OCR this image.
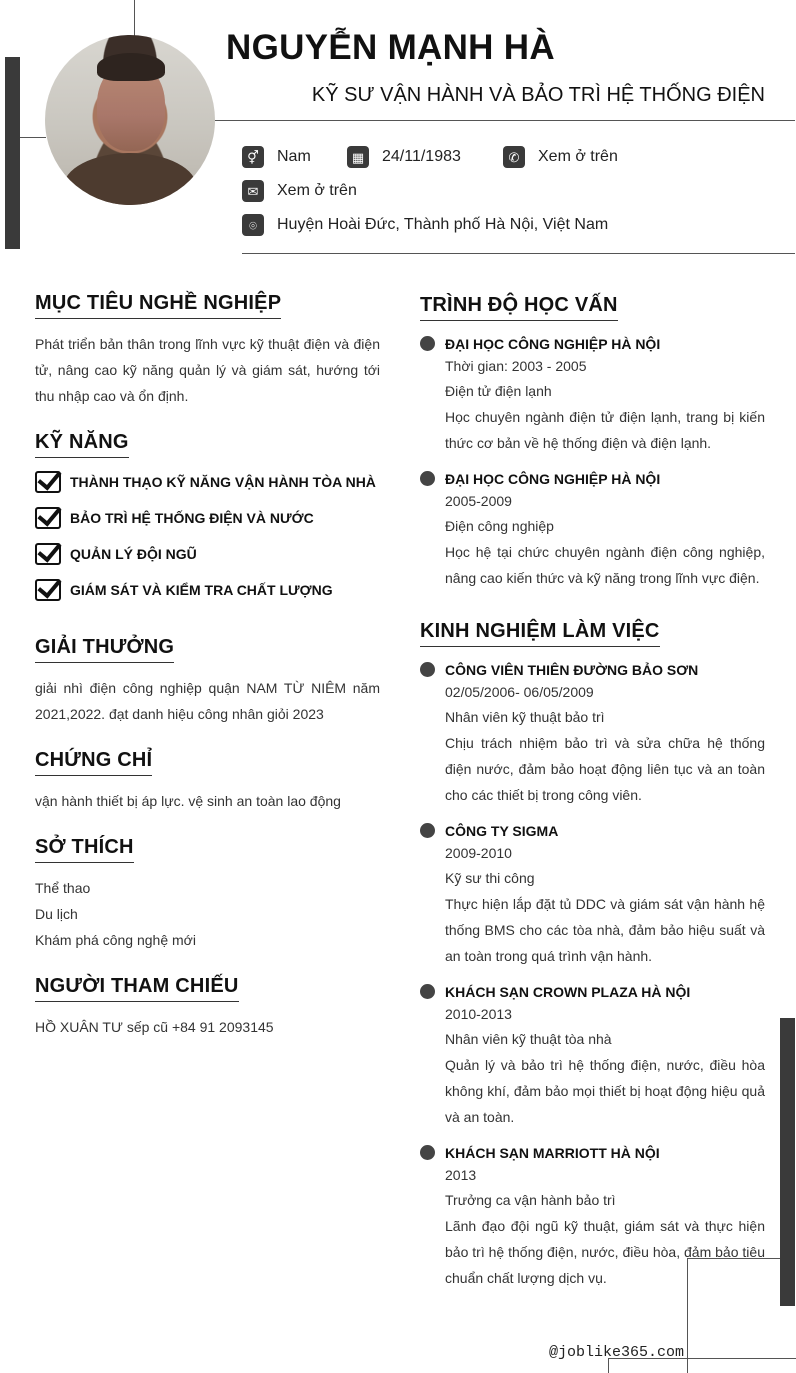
NGUYỄN MẠNH HÀ
KỸ SƯ VẬN HÀNH VÀ BẢO TRÌ HỆ THỐNG ĐIỆN
⚥	Nam	▦	24/11/1983	✆	Xem ở trên
✉	Xem ở trên
⌾	Huyện Hoài Đức, Thành phố Hà Nội, Việt Nam
MỤC TIÊU NGHỀ NGHIỆP
Phát triển bản thân trong lĩnh vực kỹ thuật điện và điện tử, nâng cao kỹ năng quản lý và giám sát, hướng tới thu nhập cao và ổn định.
KỸ NĂNG
THÀNH THẠO KỸ NĂNG VẬN HÀNH TÒA NHÀ
BẢO TRÌ HỆ THỐNG ĐIỆN VÀ NƯỚC
QUẢN LÝ ĐỘI NGŨ
GIÁM SÁT VÀ KIỂM TRA CHẤT LƯỢNG
GIẢI THƯỞNG
giải nhì điện công nghiệp quận NAM TỪ NIÊM năm 2021,2022. đạt danh hiệu công nhân giỏi 2023
CHỨNG CHỈ
vận hành thiết bị áp lực. vệ sinh an toàn lao động
SỞ THÍCH
Thể thao
Du lịch
Khám phá công nghệ mới
NGƯỜI THAM CHIẾU
HỒ XUÂN TƯ sếp cũ +84 91 2093145
TRÌNH ĐỘ HỌC VẤN
ĐẠI HỌC CÔNG NGHIỆP HÀ NỘI
Thời gian: 2003 - 2005
Điện tử điện lạnh
Học chuyên ngành điện tử điện lạnh, trang bị kiến thức cơ bản về hệ thống điện và điện lạnh.
ĐẠI HỌC CÔNG NGHIỆP HÀ NỘI
2005-2009
Điện công nghiệp
Học hệ tại chức chuyên ngành điện công nghiệp, nâng cao kiến thức và kỹ năng trong lĩnh vực điện.
KINH NGHIỆM LÀM VIỆC
CÔNG VIÊN THIÊN ĐƯỜNG BẢO SƠN
02/05/2006- 06/05/2009
Nhân viên kỹ thuật bảo trì
Chịu trách nhiệm bảo trì và sửa chữa hệ thống điện nước, đảm bảo hoạt động liên tục và an toàn cho các thiết bị trong công viên.
CÔNG TY SIGMA
2009-2010
Kỹ sư thi công
Thực hiện lắp đặt tủ DDC và giám sát vận hành hệ thống BMS cho các tòa nhà, đảm bảo hiệu suất và an toàn trong quá trình vận hành.
KHÁCH SẠN CROWN PLAZA HÀ NỘI
2010-2013
Nhân viên kỹ thuật tòa nhà
Quản lý và bảo trì hệ thống điện, nước, điều hòa không khí, đảm bảo mọi thiết bị hoạt động hiệu quả và an toàn.
KHÁCH SẠN MARRIOTT HÀ NỘI
2013
Trưởng ca vận hành bảo trì
Lãnh đạo đội ngũ kỹ thuật, giám sát và thực hiện bảo trì hệ thống điện, nước, điều hòa, đảm bảo tiêu chuẩn chất lượng dịch vụ.
@joblike365.com
